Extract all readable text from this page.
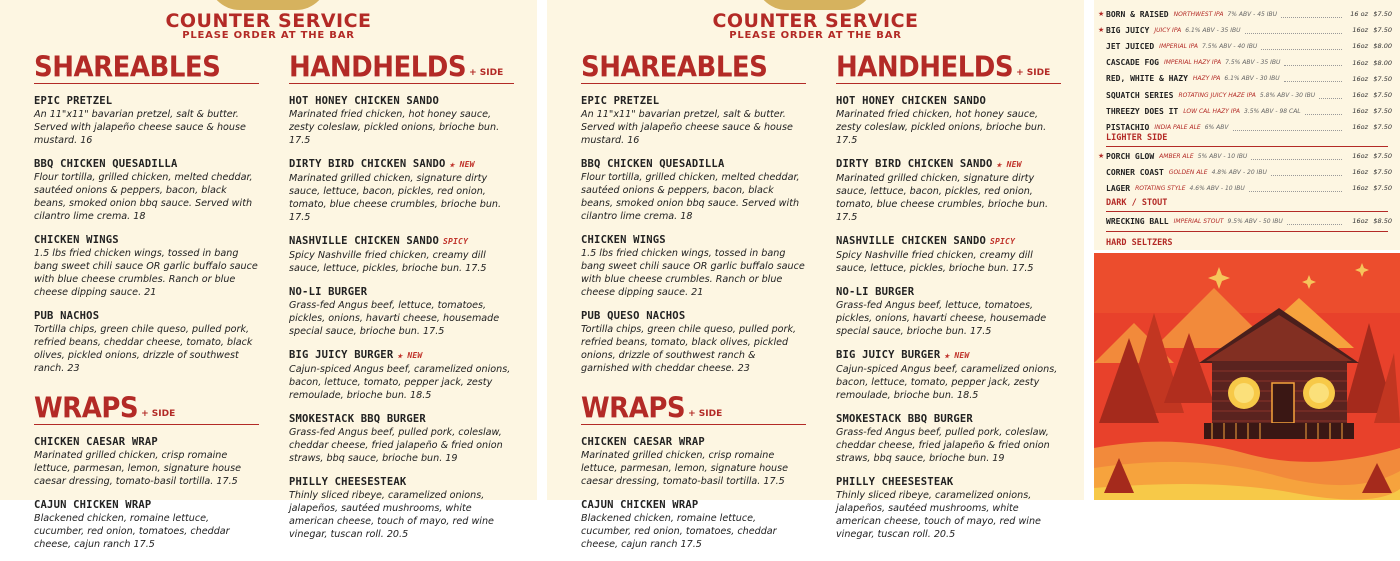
COUNTER SERVICE
PLEASE ORDER AT THE BAR
SHAREABLES
EPIC PRETZEL
An 11"x11" bavarian pretzel, salt & butter. Served with jalapeño cheese sauce & house mustard. 16
BBQ CHICKEN QUESADILLA
Flour tortilla, grilled chicken, melted cheddar, sautéed onions & peppers, bacon, black beans, smoked onion bbq sauce. Served with cilantro lime crema. 18
CHICKEN WINGS
1.5 lbs fried chicken wings, tossed in bang bang sweet chili sauce OR garlic buffalo sauce with blue cheese crumbles. Ranch or blue cheese dipping sauce. 21
PUB NACHOS
Tortilla chips, green chile queso, pulled pork, refried beans, cheddar cheese, tomato, black olives, pickled onions, drizzle of southwest ranch. 23
WRAPS + SIDE
CHICKEN CAESAR WRAP
Marinated grilled chicken, crisp romaine lettuce, parmesan, lemon, signature house caesar dressing, tomato-basil tortilla. 17.5
CAJUN CHICKEN WRAP
Blackened chicken, romaine lettuce, cucumber, red onion, tomatoes, cheddar cheese, cajun ranch 17.5
HANDHELDS + SIDE
HOT HONEY CHICKEN SANDO
Marinated fried chicken, hot honey sauce, zesty coleslaw, pickled onions, brioche bun. 17.5
DIRTY BIRD CHICKEN SANDO ★ NEW
Marinated grilled chicken, signature dirty sauce, lettuce, bacon, pickles, red onion, tomato, blue cheese crumbles, brioche bun. 17.5
NASHVILLE CHICKEN SANDO SPICY
Spicy Nashville fried chicken, creamy dill sauce, lettuce, pickles, brioche bun. 17.5
NO-LI BURGER
Grass-fed Angus beef, lettuce, tomatoes, pickles, onions, havarti cheese, housemade special sauce, brioche bun. 17.5
BIG JUICY BURGER ★ NEW
Cajun-spiced Angus beef, caramelized onions, bacon, lettuce, tomato, pepper jack, zesty remoulade, brioche bun. 18.5
SMOKESTACK BBQ BURGER
Grass-fed Angus beef, pulled pork, coleslaw, cheddar cheese, fried jalapeño & fried onion straws, bbq sauce, brioche bun. 19
PHILLY CHEESESTEAK
Thinly sliced ribeye, caramelized onions, jalapeños, sautéed mushrooms, white american cheese, touch of mayo, red wine vinegar, tuscan roll. 20.5
COUNTER SERVICE
PLEASE ORDER AT THE BAR
SHAREABLES
EPIC PRETZEL
An 11"x11" bavarian pretzel, salt & butter. Served with jalapeño cheese sauce & house mustard. 16
BBQ CHICKEN QUESADILLA
Flour tortilla, grilled chicken, melted cheddar, sautéed onions & peppers, bacon, black beans, smoked onion bbq sauce. Served with cilantro lime crema. 18
CHICKEN WINGS
1.5 lbs fried chicken wings, tossed in bang bang sweet chili sauce OR garlic buffalo sauce with blue cheese crumbles. Ranch or blue cheese dipping sauce. 21
PUB QUESO NACHOS
Tortilla chips, green chile queso, pulled pork, refried beans, tomato, black olives, pickled onions, drizzle of southwest ranch & garnished with cheddar cheese. 23
WRAPS + SIDE
CHICKEN CAESAR WRAP
Marinated grilled chicken, crisp romaine lettuce, parmesan, lemon, signature house caesar dressing, tomato-basil tortilla. 17.5
CAJUN CHICKEN WRAP
Blackened chicken, romaine lettuce, cucumber, red onion, tomatoes, cheddar cheese, cajun ranch 17.5
HANDHELDS + SIDE
HOT HONEY CHICKEN SANDO
Marinated fried chicken, hot honey sauce, zesty coleslaw, pickled onions, brioche bun. 17.5
DIRTY BIRD CHICKEN SANDO ★ NEW
Marinated grilled chicken, signature dirty sauce, lettuce, bacon, pickles, red onion, tomato, blue cheese crumbles, brioche bun. 17.5
NASHVILLE CHICKEN SANDO SPICY
Spicy Nashville fried chicken, creamy dill sauce, lettuce, pickles, brioche bun. 17.5
NO-LI BURGER
Grass-fed Angus beef, lettuce, tomatoes, pickles, onions, havarti cheese, housemade special sauce, brioche bun. 17.5
BIG JUICY BURGER ★ NEW
Cajun-spiced Angus beef, caramelized onions, bacon, lettuce, tomato, pepper jack, zesty remoulade, brioche bun. 18.5
SMOKESTACK BBQ BURGER
Grass-fed Angus beef, pulled pork, coleslaw, cheddar cheese, fried jalapeño & fried onion straws, bbq sauce, brioche bun. 19
PHILLY CHEESESTEAK
Thinly sliced ribeye, caramelized onions, jalapeños, sautéed mushrooms, white american cheese, touch of mayo, red wine vinegar, tuscan roll. 20.5
★ BORN & RAISED NORTHWEST IPA 7% ABV - 45 IBU	16 oz $7.50
★ BIG JUICY JUICY IPA 6.1% ABV - 35 IBU	16oz $7.50
JET JUICED IMPERIAL IPA 7.5% ABV - 40 IBU	16oz $8.00
CASCADE FOG IMPERIAL HAZY IPA 7.5% ABV - 35 IBU	16oz $8.00
RED, WHITE & HAZY HAZY IPA 6.1% ABV - 30 IBU	16oz $7.50
SQUATCH SERIES ROTATING JUICY HAZE IPA 5.8% ABV - 30 IBU	16oz $7.50
THREEZY DOES IT LOW CAL HAZY IPA 3.5% ABV - 98 CAL	16oz $7.50
PISTACHIO INDIA PALE ALE 6% ABV	16oz $7.50
LIGHTER SIDE
★ PORCH GLOW AMBER ALE 5% ABV - 10 IBU	16oz $7.50
CORNER COAST GOLDEN ALE 4.8% ABV - 20 IBU	16oz $7.50
LAGER ROTATING STYLE 4.6% ABV - 10 IBU	16oz $7.50
DARK / STOUT
WRECKING BALL IMPERIAL STOUT 9.5% ABV - 50 IBU	16oz $8.50
HARD SELTZERS
